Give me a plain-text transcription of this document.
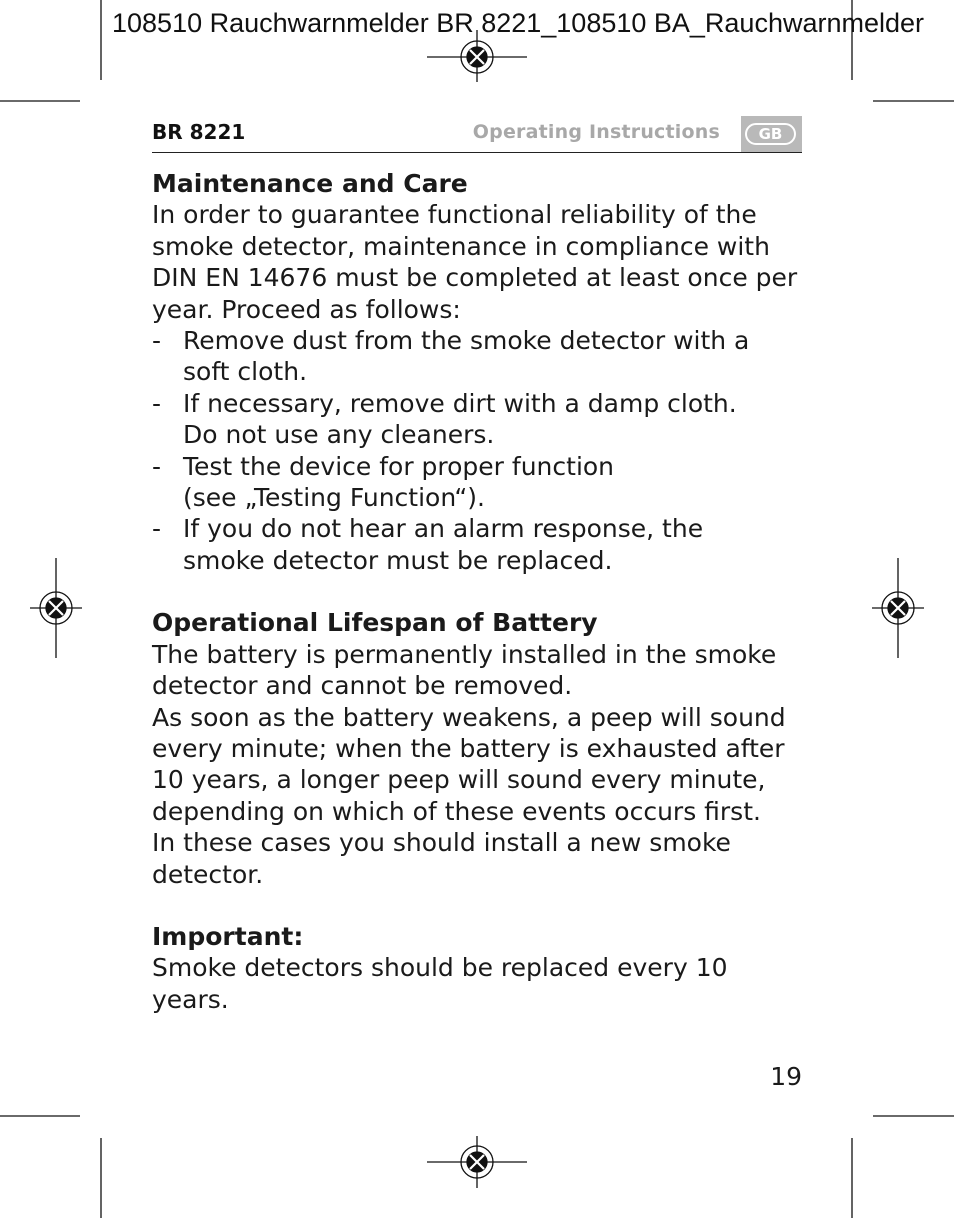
108510 Rauchwarnmelder BR 8221_108510 BA_Rauchwarnmelder
BR 8221	Operating Instructions	GB

Maintenance and Care

In order to guarantee functional reliability of the

smoke detector, maintenance in compliance with

DIN EN 14676 must be completed at least once per

year. Proceed as follows:

- Remove dust from the smoke detector with a
soft cloth.
- If necessary, remove dirt with a damp cloth.
Do not use any cleaners.
- Test the device for proper function
(see „Testing Function“).
- If you do not hear an alarm response, the
smoke detector must be replaced.

Operational Lifespan of Battery

The battery is permanently installed in the smoke

detector and cannot be removed.

As soon as the battery weakens, a peep will sound

every minute; when the battery is exhausted after

10 years, a longer peep will sound every minute,

depending on which of these events occurs first.

In these cases you should install a new smoke

detector.

Important:

Smoke detectors should be replaced every 10 years.

19
